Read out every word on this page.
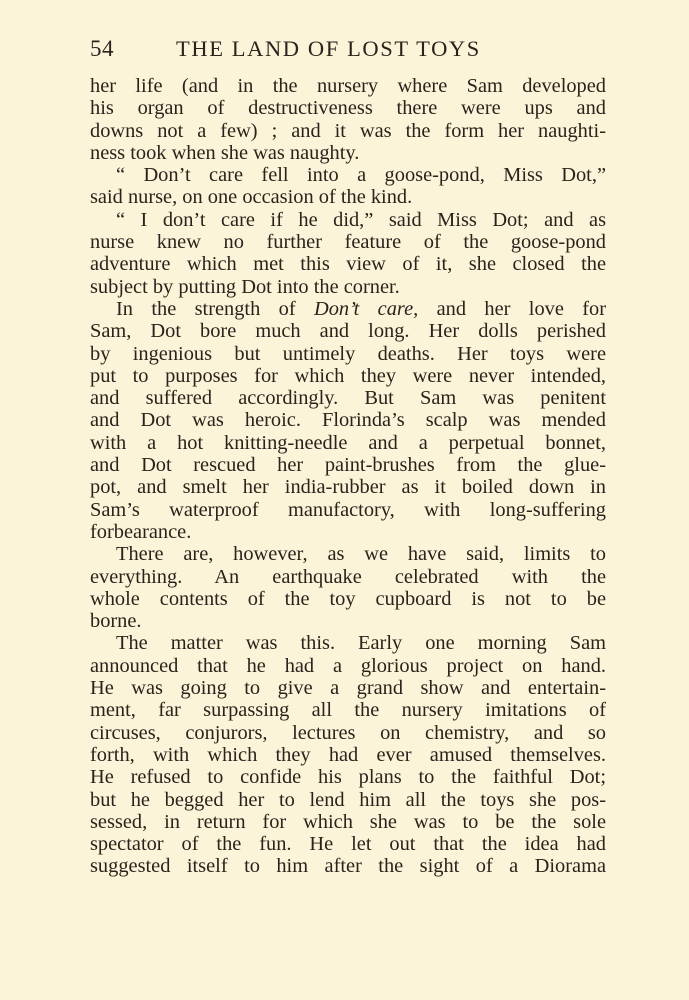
54	THE LAND OF LOST TOYS
her life (and in the nursery where Sam developed
his organ of destructiveness there were ups and
downs not a few) ; and it was the form her naughti-
ness took when she was naughty.
“ Don’t care fell into a goose-pond, Miss Dot,”
said nurse, on one occasion of the kind.
“ I don’t care if he did,” said Miss Dot; and as
nurse knew no further feature of the goose-pond
adventure which met this view of it, she closed the
subject by putting Dot into the corner.
In the strength of Don’t care, and her love for
Sam, Dot bore much and long. Her dolls perished
by ingenious but untimely deaths. Her toys were
put to purposes for which they were never intended,
and suffered accordingly. But Sam was penitent
and Dot was heroic. Florinda’s scalp was mended
with a hot knitting-needle and a perpetual bonnet,
and Dot rescued her paint-brushes from the glue-
pot, and smelt her india-rubber as it boiled down in
Sam’s waterproof manufactory, with long-suffering
forbearance.
There are, however, as we have said, limits to
everything. An earthquake celebrated with the
whole contents of the toy cupboard is not to be
borne.
The matter was this. Early one morning Sam
announced that he had a glorious project on hand.
He was going to give a grand show and entertain-
ment, far surpassing all the nursery imitations of
circuses, conjurors, lectures on chemistry, and so
forth, with which they had ever amused themselves.
He refused to confide his plans to the faithful Dot;
but he begged her to lend him all the toys she pos-
sessed, in return for which she was to be the sole
spectator of the fun. He let out that the idea had
suggested itself to him after the sight of a Diorama
